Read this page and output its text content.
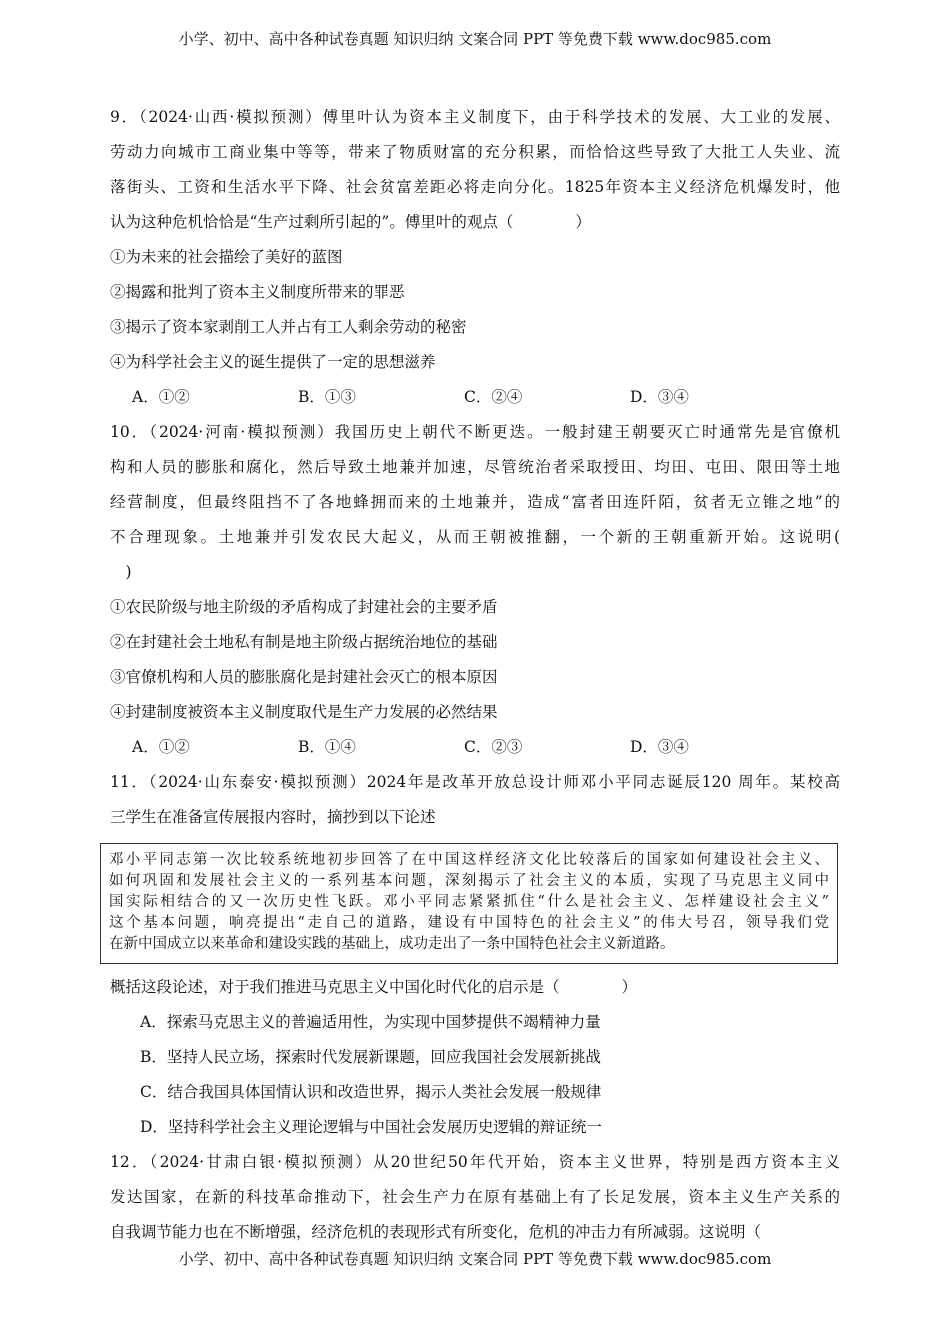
小学、初中、高中各种试卷真题 知识归纳 文案合同 PPT 等免费下载 www.doc985.com
9．（2024·山西·模拟预测）傅里叶认为资本主义制度下，由于科学技术的发展、大工业的发展、
劳动力向城市工商业集中等等，带来了物质财富的充分积累，而恰恰这些导致了大批工人失业、流
落街头、工资和生活水平下降、社会贫富差距必将走向分化。1825年资本主义经济危机爆发时，他
认为这种危机恰恰是“生产过剩所引起的”。傅里叶的观点（　　　　）
①为未来的社会描绘了美好的蓝图
②揭露和批判了资本主义制度所带来的罪恶
③揭示了资本家剥削工人并占有工人剩余劳动的秘密
④为科学社会主义的诞生提供了一定的思想滋养
A．①②	B．①③	C．②④	D．③④
10．（2024·河南·模拟预测）我国历史上朝代不断更迭。一般封建王朝要灭亡时通常先是官僚机
构和人员的膨胀和腐化，然后导致土地兼并加速，尽管统治者采取授田、均田、屯田、限田等土地
经营制度，但最终阻挡不了各地蜂拥而来的土地兼并，造成“富者田连阡陌，贫者无立锥之地”的
不合理现象。土地兼并引发农民大起义，从而王朝被推翻，一个新的王朝重新开始。这说明(
　)
①农民阶级与地主阶级的矛盾构成了封建社会的主要矛盾
②在封建社会土地私有制是地主阶级占据统治地位的基础
③官僚机构和人员的膨胀腐化是封建社会灭亡的根本原因
④封建制度被资本主义制度取代是生产力发展的必然结果
A．①②	B．①④	C．②③	D．③④
11．（2024·山东泰安·模拟预测）2024年是改革开放总设计师邓小平同志诞辰120 周年。某校高
三学生在准备宣传展报内容时，摘抄到以下论述
邓小平同志第一次比较系统地初步回答了在中国这样经济文化比较落后的国家如何建设社会主义、
如何巩固和发展社会主义的一系列基本问题，深刻揭示了社会主义的本质，实现了马克思主义同中
国实际相结合的又一次历史性飞跃。邓小平同志紧紧抓住“什么是社会主义、怎样建设社会主义”
这个基本问题，响亮提出“走自己的道路，建设有中国特色的社会主义”的伟大号召，领导我们党
在新中国成立以来革命和建设实践的基础上，成功走出了一条中国特色社会主义新道路。
概括这段论述，对于我们推进马克思主义中国化时代化的启示是（　　　　）
A．探索马克思主义的普遍适用性，为实现中国梦提供不竭精神力量
B．坚持人民立场，探索时代发展新课题，回应我国社会发展新挑战
C．结合我国具体国情认识和改造世界，揭示人类社会发展一般规律
D．坚持科学社会主义理论逻辑与中国社会发展历史逻辑的辩证统一
12．（2024·甘肃白银·模拟预测）从20世纪50年代开始，资本主义世界，特别是西方资本主义
发达国家，在新的科技革命推动下，社会生产力在原有基础上有了长足发展，资本主义生产关系的
自我调节能力也在不断增强，经济危机的表现形式有所变化，危机的冲击力有所减弱。这说明（
小学、初中、高中各种试卷真题 知识归纳 文案合同 PPT 等免费下载 www.doc985.com
